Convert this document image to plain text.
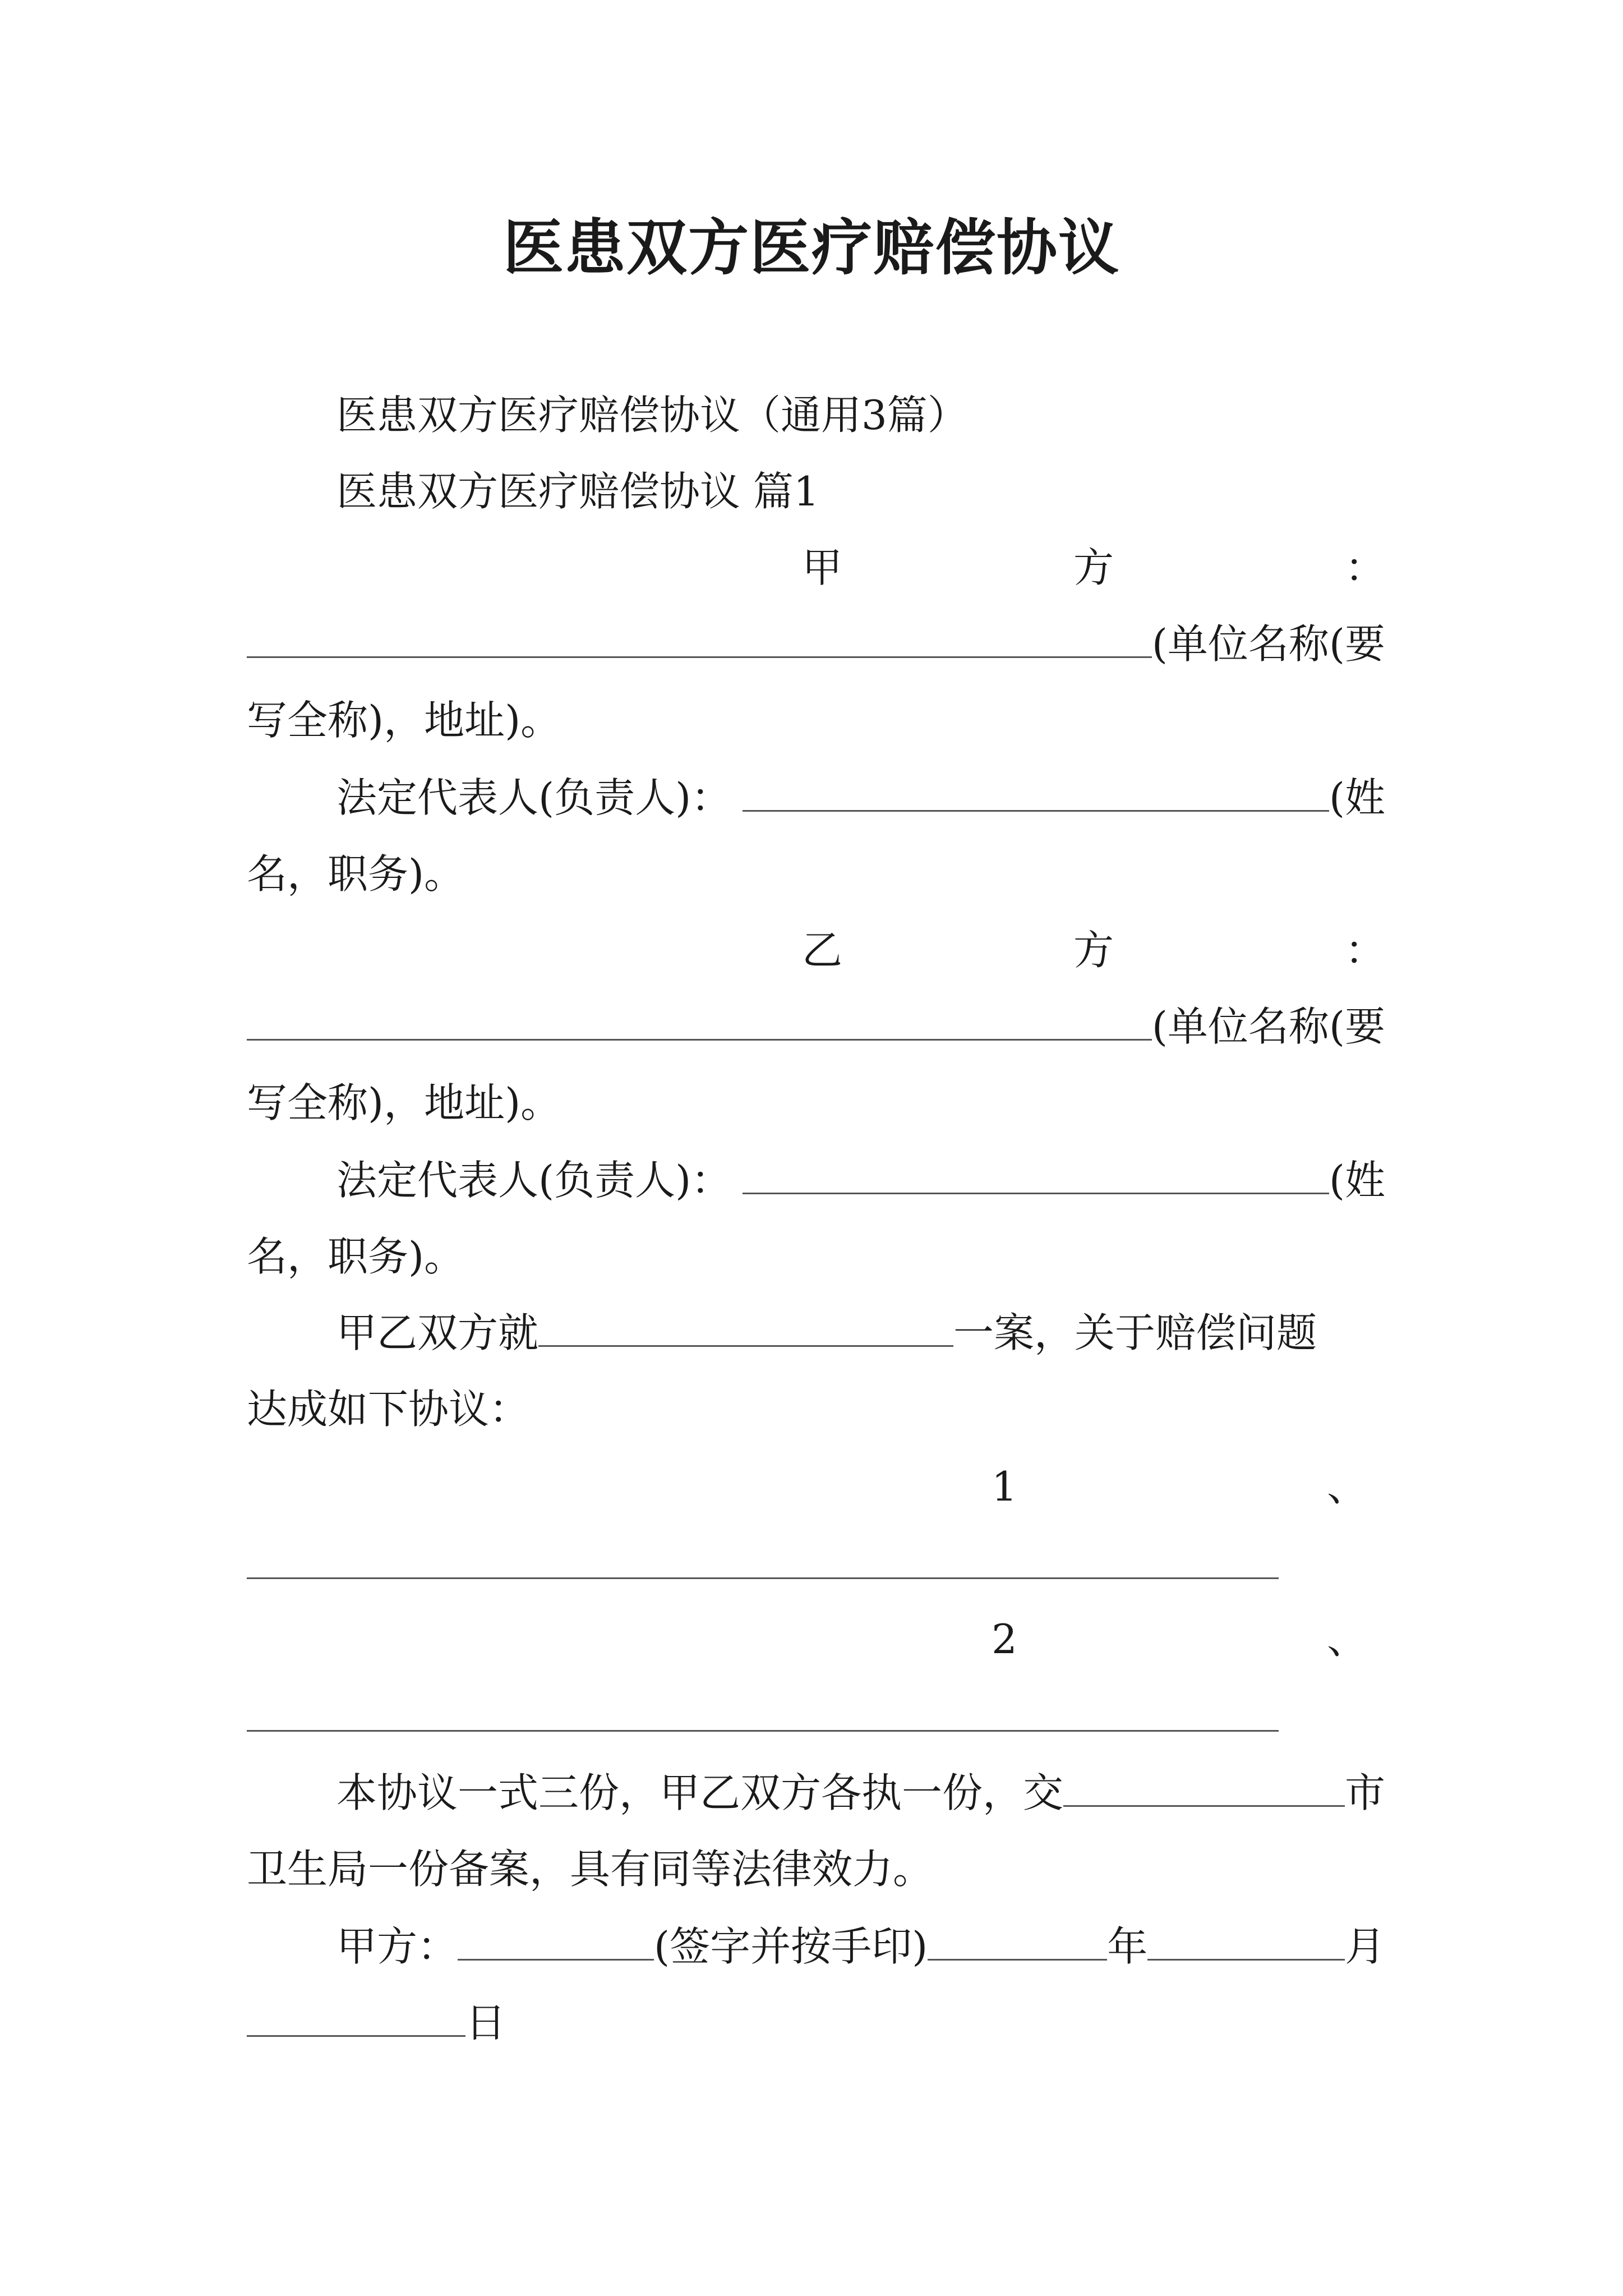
医患双方医疗赔偿协议
医患双方医疗赔偿协议（通用3篇）
医患双方医疗赔偿协议 篇1
甲	方	：
(单位名称(要
写全称)，地址)。
法定代表人(负责人)：	(姓
名，职务)。
乙	方	：
(单位名称(要
写全称)，地址)。
法定代表人(负责人)：	(姓
名，职务)。
甲乙双方就	一案，关于赔偿问题
达成如下协议：
1	、
2	、
本协议一式三份，甲乙双方各执一份，交	市
卫生局一份备案，具有同等法律效力。
甲方：	(签字并按手印)	年	月
日
